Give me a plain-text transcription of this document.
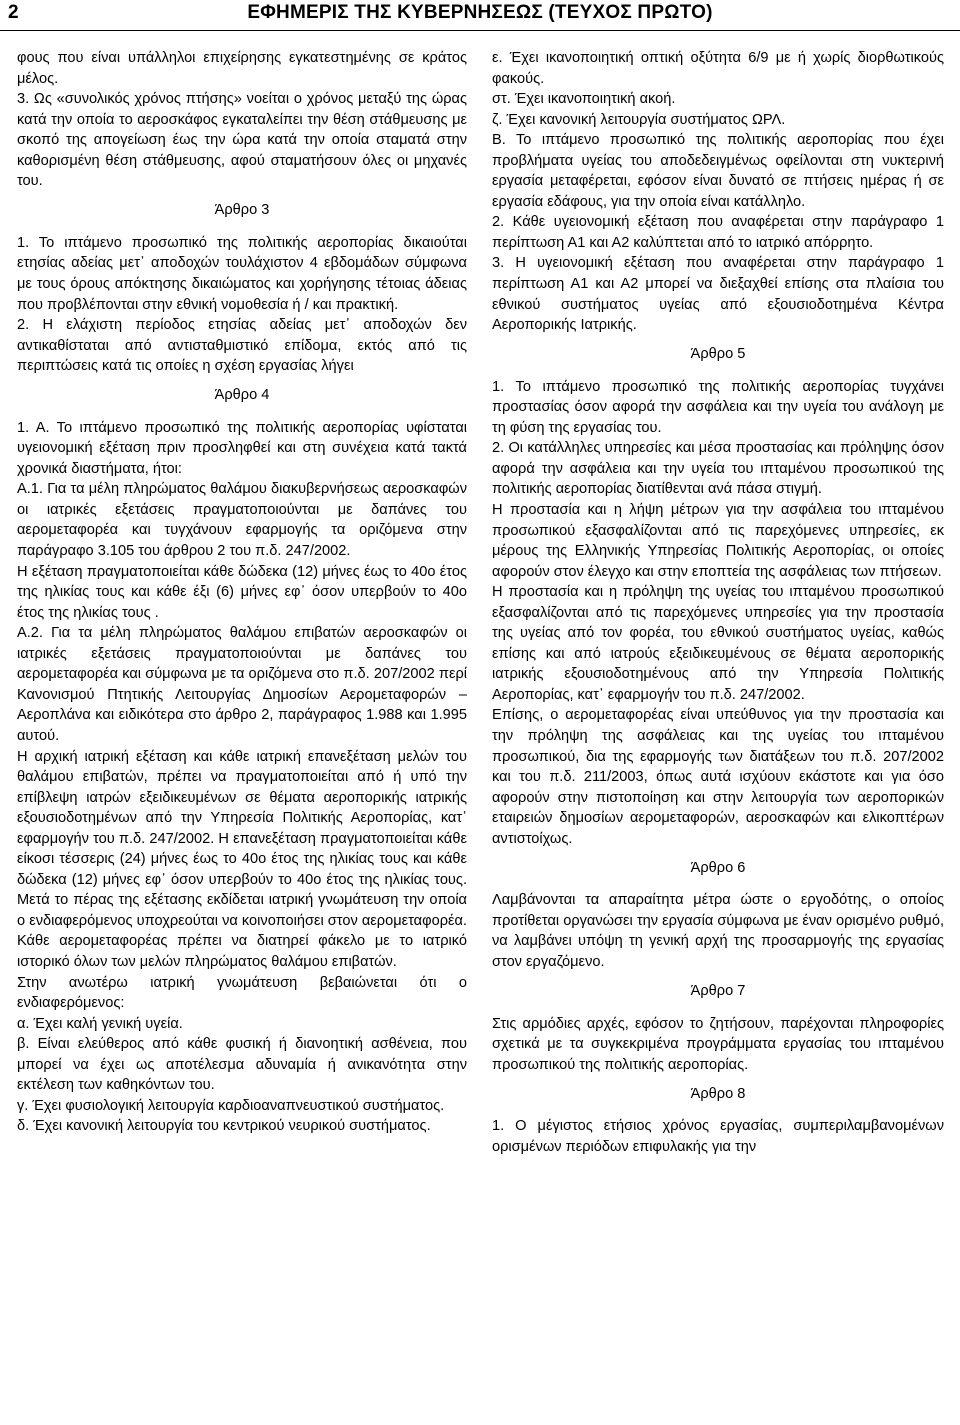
2	ΕΦΗΜΕΡΙΣ ΤΗΣ ΚΥΒΕΡΝΗΣΕΩΣ (ΤΕΥΧΟΣ ΠΡΩΤΟ)

φους που είναι υπάλληλοι επιχείρησης εγκατεστημένης σε κράτος μέλος.

3. Ως «συνολικός χρόνος πτήσης» νοείται ο χρόνος μεταξύ της ώρας κατά την οποία το αεροσκάφος εγκαταλείπει την θέση στάθμευσης με σκοπό της απογείωση έως την ώρα κατά την οποία σταματά στην καθορισμένη θέση στάθμευσης, αφού σταματήσουν όλες οι μηχανές του.

Άρθρο 3

1. Το ιπτάμενο προσωπικό της πολιτικής αεροπορίας δικαιούται ετησίας αδείας μετ᾽ αποδοχών τουλάχιστον 4 εβδομάδων σύμφωνα με τους όρους απόκτησης δικαιώματος και χορήγησης τέτοιας άδειας που προβλέπονται στην εθνική νομοθεσία ή / και πρακτική.

2. Η ελάχιστη περίοδος ετησίας αδείας μετ᾽ αποδοχών δεν αντικαθίσταται από αντισταθμιστικό επίδομα, εκτός από τις περιπτώσεις κατά τις οποίες η σχέση εργασίας λήγει

Άρθρο 4

1. Α. Το ιπτάμενο προσωπικό της πολιτικής αεροπορίας υφίσταται υγειονομική εξέταση πριν προσληφθεί και στη συνέχεια κατά τακτά χρονικά διαστήματα, ήτοι:

Α.1. Για τα μέλη πληρώματος θαλάμου διακυβερνήσεως αεροσκαφών οι ιατρικές εξετάσεις πραγματοποιούνται με δαπάνες του αερομεταφορέα και τυγχάνουν εφαρμογής τα οριζόμενα στην παράγραφο 3.105 του άρθρου 2 του π.δ. 247/2002.

Η εξέταση πραγματοποιείται κάθε δώδεκα (12) μήνες έως το 40ο έτος της ηλικίας τους και κάθε έξι (6) μήνες εφ᾽ όσον υπερβούν το 40ο έτος της ηλικίας τους .

Α.2. Για τα μέλη πληρώματος θαλάμου επιβατών αεροσκαφών οι ιατρικές εξετάσεις πραγματοποιούνται με δαπάνες του αερομεταφορέα και σύμφωνα με τα οριζόμενα στο π.δ. 207/2002 περί Κανονισμού Πτητικής Λειτουργίας Δημοσίων Αερομεταφορών – Αεροπλάνα και ειδικότερα στο άρθρο 2, παράγραφος 1.988 και 1.995 αυτού.

Η αρχική ιατρική εξέταση και κάθε ιατρική επανεξέταση μελών του θαλάμου επιβατών, πρέπει να πραγματοποιείται από ή υπό την επίβλεψη ιατρών εξειδικευμένων σε θέματα αεροπορικής ιατρικής εξουσιοδοτημένων από την Υπηρεσία Πολιτικής Αεροπορίας, κατ᾽ εφαρμογήν του π.δ. 247/2002. Η επανεξέταση πραγματοποιείται κάθε είκοσι τέσσερις (24) μήνες έως το 40ο έτος της ηλικίας τους και κάθε δώδεκα (12) μήνες εφ᾽ όσον υπερβούν το 40ο έτος της ηλικίας τους. Μετά το πέρας της εξέτασης εκδίδεται ιατρική γνωμάτευση την οποία ο ενδιαφερόμενος υποχρεούται να κοινοποιήσει στον αερομεταφορέα. Κάθε αερομεταφορέας πρέπει να διατηρεί φάκελο με το ιατρικό ιστορικό όλων των μελών πληρώματος θαλάμου επιβατών.

Στην ανωτέρω ιατρική γνωμάτευση βεβαιώνεται ότι ο ενδιαφερόμενος:

α. Έχει καλή γενική υγεία.

β. Είναι ελεύθερος από κάθε φυσική ή διανοητική ασθένεια, που μπορεί να έχει ως αποτέλεσμα αδυναμία ή ανικανότητα στην εκτέλεση των καθηκόντων του.

γ. Έχει φυσιολογική λειτουργία καρδιοαναπνευστικού συστήματος.

δ. Έχει κανονική λειτουργία του κεντρικού νευρικού συστήματος.

ε. Έχει ικανοποιητική οπτική οξύτητα 6/9 με ή χωρίς διορθωτικούς φακούς.

στ. Έχει ικανοποιητική ακοή.

ζ. Έχει κανονική λειτουργία συστήματος ΩΡΛ.

Β. Το ιπτάμενο προσωπικό της πολιτικής αεροπορίας που έχει προβλήματα υγείας του αποδεδειγμένως οφείλονται στη νυκτερινή εργασία μεταφέρεται, εφόσον είναι δυνατό σε πτήσεις ημέρας ή σε εργασία εδάφους, για την οποία είναι κατάλληλο.

2. Κάθε υγειονομική εξέταση που αναφέρεται στην παράγραφο 1 περίπτωση Α1 και Α2 καλύπτεται από το ιατρικό απόρρητο.

3. Η υγειονομική εξέταση που αναφέρεται στην παράγραφο 1 περίπτωση Α1 και Α2 μπορεί να διεξαχθεί επίσης στα πλαίσια του εθνικού συστήματος υγείας από εξουσιοδοτημένα Κέντρα Αεροπορικής Ιατρικής.

Άρθρο 5

1. Το ιπτάμενο προσωπικό της πολιτικής αεροπορίας τυγχάνει προστασίας όσον αφορά την ασφάλεια και την υγεία του ανάλογη με τη φύση της εργασίας του.

2. Οι κατάλληλες υπηρεσίες και μέσα προστασίας και πρόληψης όσον αφορά την ασφάλεια και την υγεία του ιπταμένου προσωπικού της πολιτικής αεροπορίας διατίθενται ανά πάσα στιγμή.

Η προστασία και η λήψη μέτρων για την ασφάλεια του ιπταμένου προσωπικού εξασφαλίζονται από τις παρεχόμενες υπηρεσίες, εκ μέρους της Ελληνικής Υπηρεσίας Πολιτικής Αεροπορίας, οι οποίες αφορούν στον έλεγχο και στην εποπτεία της ασφάλειας των πτήσεων.

Η προστασία και η πρόληψη της υγείας του ιπταμένου προσωπικού εξασφαλίζονται από τις παρεχόμενες υπηρεσίες για την προστασία της υγείας από τον φορέα, του εθνικού συστήματος υγείας, καθώς επίσης και από ιατρούς εξειδικευμένους σε θέματα αεροπορικής ιατρικής εξουσιοδοτημένους από την Υπηρεσία Πολιτικής Αεροπορίας, κατ᾽ εφαρμογήν του π.δ. 247/2002.

Επίσης, ο αερομεταφορέας είναι υπεύθυνος για την προστασία και την πρόληψη της ασφάλειας και της υγείας του ιπταμένου προσωπικού, δια της εφαρμογής των διατάξεων του π.δ. 207/2002 και του π.δ. 211/2003, όπως αυτά ισχύουν εκάστοτε και για όσο αφορούν στην πιστοποίηση και στην λειτουργία των αεροπορικών εταιρειών δημοσίων αερομεταφορών, αεροσκαφών και ελικοπτέρων αντιστοίχως.

Άρθρο 6

Λαμβάνονται τα απαραίτητα μέτρα ώστε ο εργοδότης, ο οποίος προτίθεται οργανώσει την εργασία σύμφωνα με έναν ορισμένο ρυθμό, να λαμβάνει υπόψη τη γενική αρχή της προσαρμογής της εργασίας στον εργαζόμενο.

Άρθρο 7

Στις αρμόδιες αρχές, εφόσον το ζητήσουν, παρέχονται πληροφορίες σχετικά με τα συγκεκριμένα προγράμματα εργασίας του ιπταμένου προσωπικού της πολιτικής αεροπορίας.

Άρθρο 8

1. Ο μέγιστος ετήσιος χρόνος εργασίας, συμπεριλαμβανομένων ορισμένων περιόδων επιφυλακής για την
